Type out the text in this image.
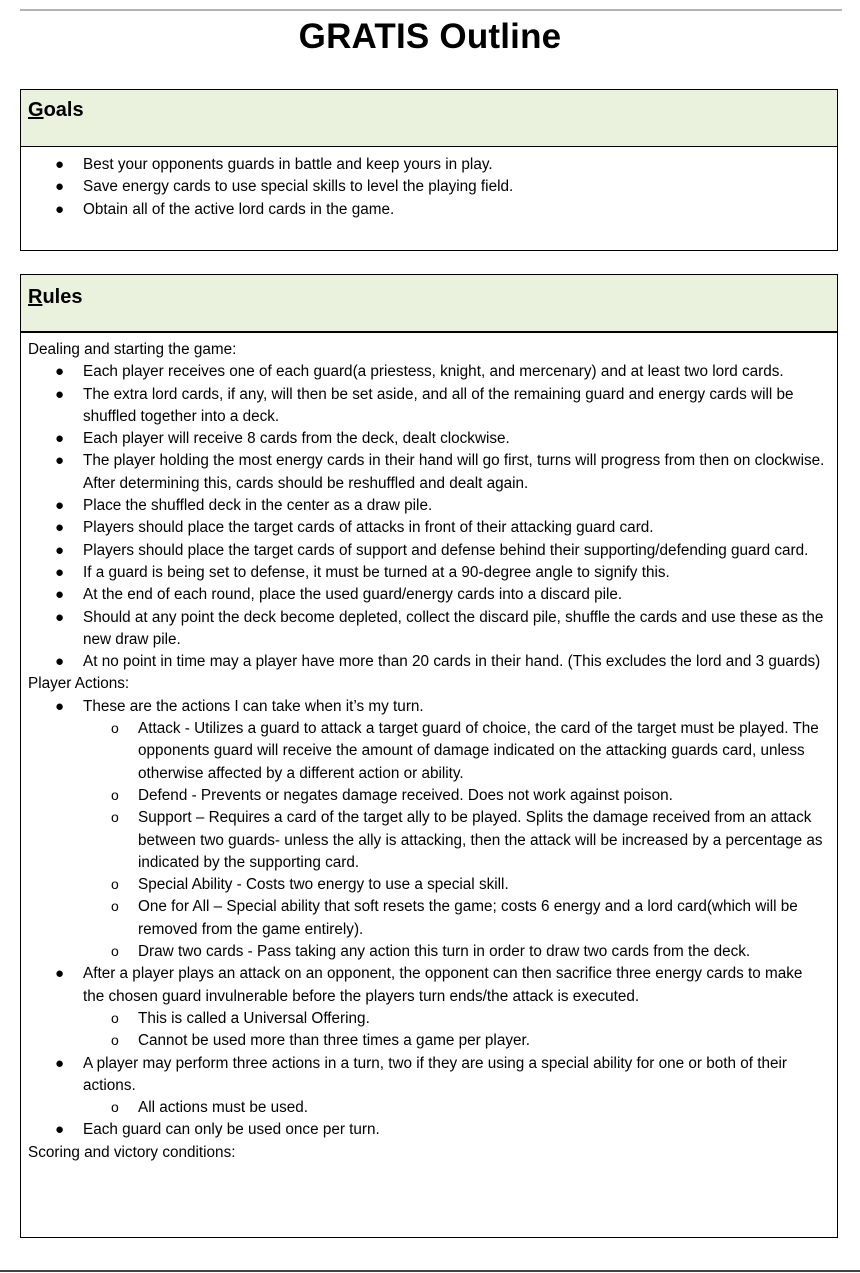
GRATIS Outline
Goals
● Best your opponents guards in battle and keep yours in play.
● Save energy cards to use special skills to level the playing field.
● Obtain all of the active lord cards in the game.
Rules
Dealing and starting the game:
● Each player receives one of each guard(a priestess, knight, and mercenary) and at least two lord cards.
● The extra lord cards, if any, will then be set aside, and all of the remaining guard and energy cards will be shuffled together into a deck.
● Each player will receive 8 cards from the deck, dealt clockwise.
● The player holding the most energy cards in their hand will go first, turns will progress from then on clockwise. After determining this, cards should be reshuffled and dealt again.
● Place the shuffled deck in the center as a draw pile.
● Players should place the target cards of attacks in front of their attacking guard card.
● Players should place the target cards of support and defense behind their supporting/defending guard card.
● If a guard is being set to defense, it must be turned at a 90-degree angle to signify this.
● At the end of each round, place the used guard/energy cards into a discard pile.
● Should at any point the deck become depleted, collect the discard pile, shuffle the cards and use these as the new draw pile.
● At no point in time may a player have more than 20 cards in their hand. (This excludes the lord and 3 guards)
Player Actions:
● These are the actions I can take when it’s my turn.
o Attack - Utilizes a guard to attack a target guard of choice, the card of the target must be played. The opponents guard will receive the amount of damage indicated on the attacking guards card, unless otherwise affected by a different action or ability.
o Defend - Prevents or negates damage received. Does not work against poison.
o Support – Requires a card of the target ally to be played. Splits the damage received from an attack between two guards- unless the ally is attacking, then the attack will be increased by a percentage as indicated by the supporting card.
o Special Ability - Costs two energy to use a special skill.
o One for All – Special ability that soft resets the game; costs 6 energy and a lord card(which will be removed from the game entirely).
o Draw two cards - Pass taking any action this turn in order to draw two cards from the deck.
● After a player plays an attack on an opponent, the opponent can then sacrifice three energy cards to make the chosen guard invulnerable before the players turn ends/the attack is executed.
o This is called a Universal Offering.
o Cannot be used more than three times a game per player.
● A player may perform three actions in a turn, two if they are using a special ability for one or both of their actions.
o All actions must be used.
● Each guard can only be used once per turn.
Scoring and victory conditions:
